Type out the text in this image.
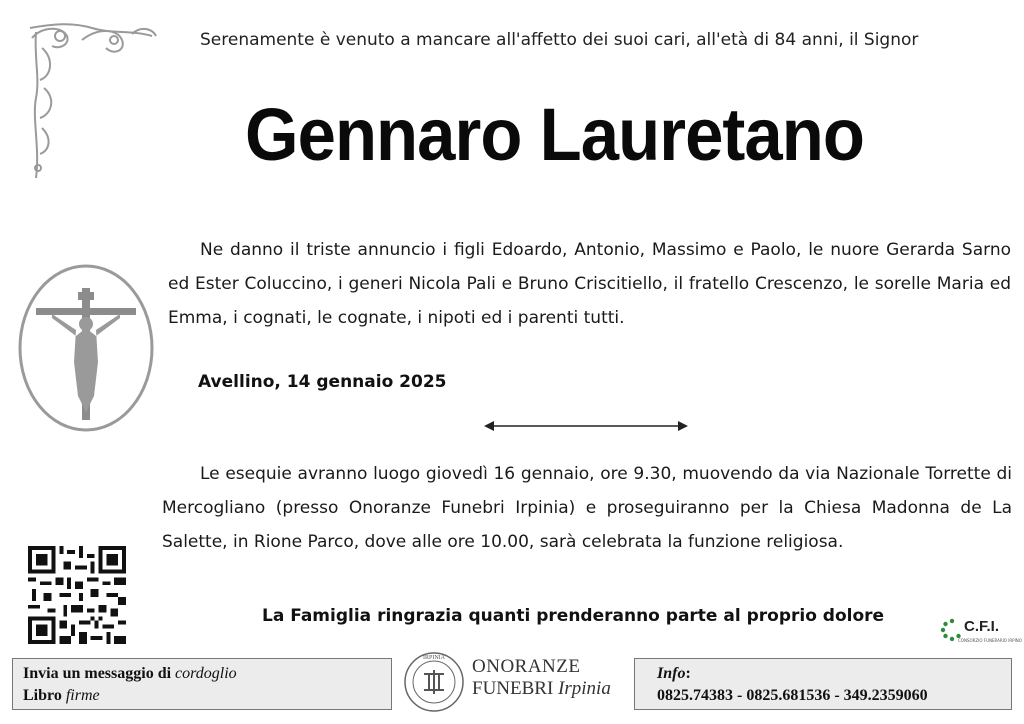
Serenamente è venuto a mancare all'affetto dei suoi cari, all'età di 84 anni, il Signor
Gennaro Lauretano
Ne danno il triste annuncio i figli Edoardo, Antonio, Massimo e Paolo, le nuore Gerarda Sarno ed Ester Coluccino, i generi Nicola Pali e Bruno Criscitiello, il fratello Crescenzo, le sorelle Maria ed Emma, i cognati, le cognate, i nipoti ed i parenti tutti.
Avellino, 14 gennaio 2025
Le esequie avranno luogo giovedì 16 gennaio, ore 9.30, muovendo da via Nazionale Torrette di Mercogliano (presso Onoranze Funebri Irpinia) e proseguiranno per la Chiesa Madonna de La Salette, in Rione Parco, dove alle ore 10.00, sarà celebrata la funzione religiosa.
La Famiglia ringrazia quanti prenderanno parte al proprio dolore
C.F.I.
CONSORZIO FUNERARIO IRPINO
Invia un messaggio di cordoglio
Libro firme
IRPINIA ONORANZE
FUNEBRI Irpinia
Info:
0825.74383 - 0825.681536 - 349.2359060
